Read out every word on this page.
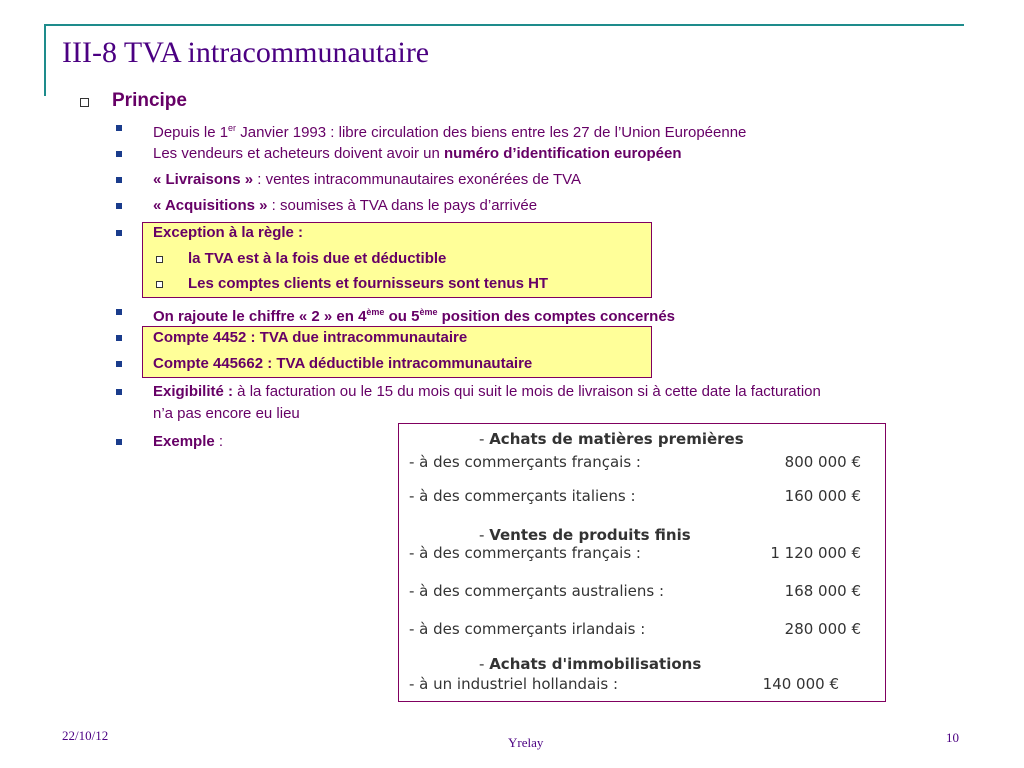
III-8 TVA intracommunautaire
Principe
Depuis le 1er Janvier 1993 : libre circulation des biens entre les 27 de l’Union Européenne
Les vendeurs et acheteurs doivent avoir un numéro d’identification européen
« Livraisons » : ventes intracommunautaires exonérées de TVA
« Acquisitions » : soumises à TVA dans le pays d’arrivée
Exception à la règle :
la TVA est à la fois due et déductible
Les comptes clients et fournisseurs sont tenus HT
On rajoute le chiffre « 2 » en 4ème ou 5ème position des comptes concernés
Compte 4452 : TVA due intracommunautaire
Compte 445662 : TVA déductible intracommunautaire
Exigibilité : à la facturation ou le 15 du mois qui suit le mois de livraison si à cette date la facturation
n’a pas encore eu lieu
Exemple :	- Achats de matières premières
- à des commerçants français :	800 000 €
- à des commerçants italiens :	160 000 €
- Ventes de produits finis
- à des commerçants français :	1 120 000 €
- à des commerçants australiens :	168 000 €
- à des commerçants irlandais :	280 000 €
- Achats d'immobilisations
- à un industriel hollandais :	140 000 €
22/10/12	Yrelay	10
